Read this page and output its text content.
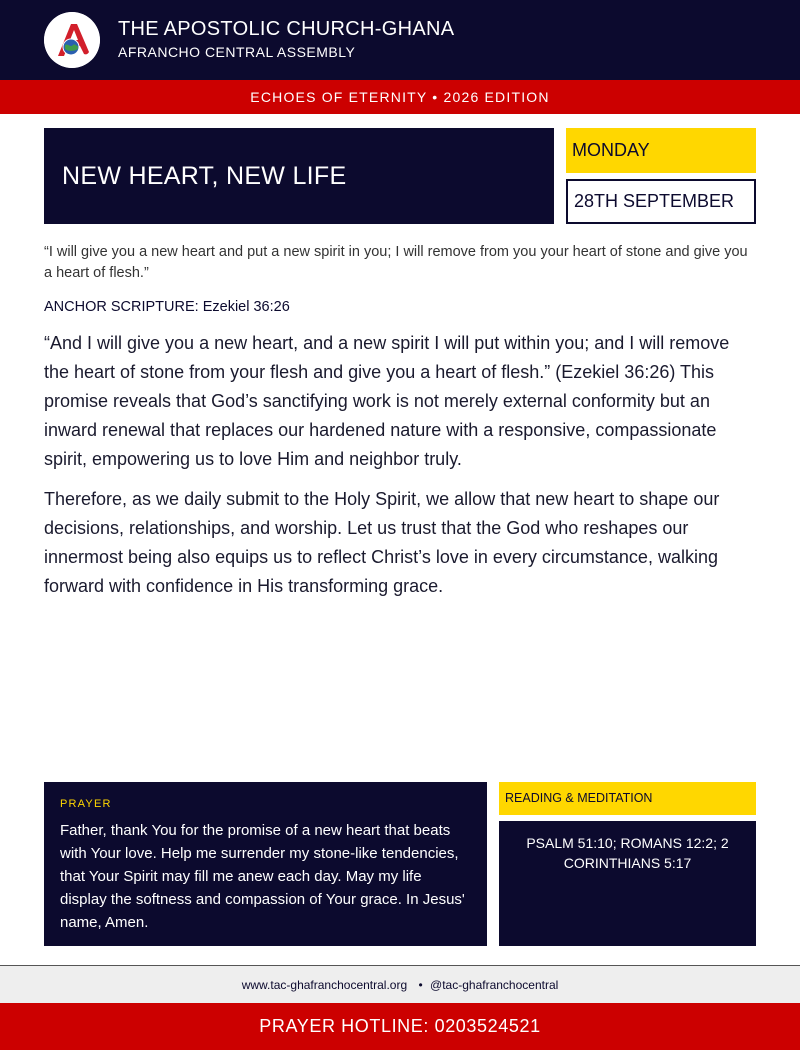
THE APOSTOLIC CHURCH-GHANA
AFRANCHO CENTRAL ASSEMBLY
ECHOES OF ETERNITY • 2026 EDITION
NEW HEART, NEW LIFE
MONDAY
28TH SEPTEMBER
“I will give you a new heart and put a new spirit in you; I will remove from you your heart of stone and give you a heart of flesh.”
ANCHOR SCRIPTURE: Ezekiel 36:26

“And I will give you a new heart, and a new spirit I will put within you; and I will remove the heart of stone from your flesh and give you a heart of flesh.” (Ezekiel 36:26) This promise reveals that God’s sanctifying work is not merely external conformity but an inward renewal that replaces our hardened nature with a responsive, compassionate spirit, empowering us to love Him and neighbor truly.

Therefore, as we daily submit to the Holy Spirit, we allow that new heart to shape our decisions, relationships, and worship. Let us trust that the God who reshapes our innermost being also equips us to reflect Christ’s love in every circumstance, walking forward with confidence in His transforming grace.

PRAYER
Father, thank You for the promise of a new heart that beats with Your love. Help me surrender my stone-like tendencies, that Your Spirit may fill me anew each day. May my life display the softness and compassion of Your grace. In Jesus' name, Amen.
READING & MEDITATION
PSALM 51:10; ROMANS 12:2; 2 CORINTHIANS 5:17
www.tac-ghafranchocentral.org • @tac-ghafranchocentral
PRAYER HOTLINE: 0203524521
